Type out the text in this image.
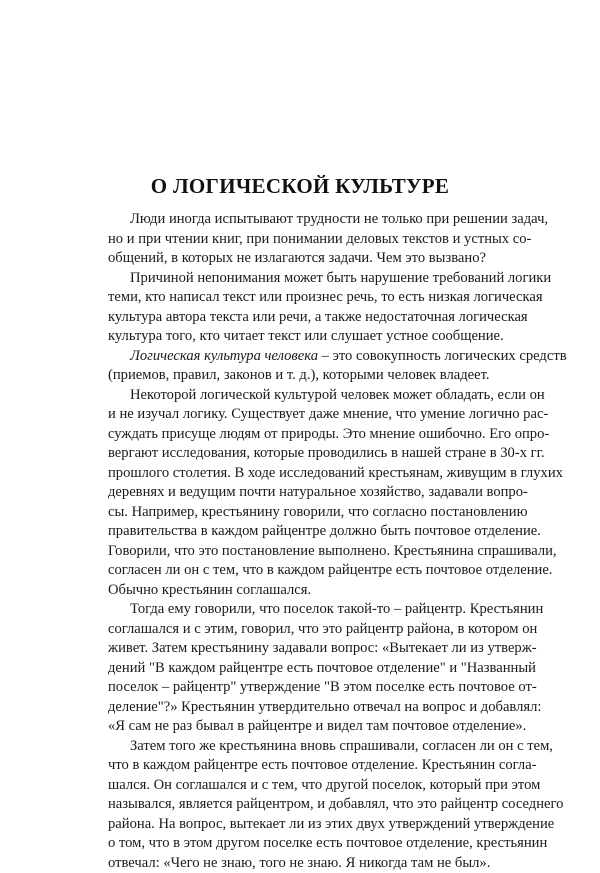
О ЛОГИЧЕСКОЙ КУЛЬТУРЕ
Люди иногда испытывают трудности не только при решении задач,
но и при чтении книг, при понимании деловых текстов и устных со-
общений, в которых не излагаются задачи. Чем это вызвано?
Причиной непонимания может быть нарушение требований логики
теми, кто написал текст или произнес речь, то есть низкая логическая
культура автора текста или речи, а также недостаточная логическая
культура того, кто читает текст или слушает устное сообщение.
Логическая культура человека – это совокупность логических средств
(приемов, правил, законов и т. д.), которыми человек владеет.
Некоторой логической культурой человек может обладать, если он
и не изучал логику. Существует даже мнение, что умение логично рас-
суждать присуще людям от природы. Это мнение ошибочно. Его опро-
вергают исследования, которые проводились в нашей стране в 30-х гг.
прошлого столетия. В ходе исследований крестьянам, живущим в глухих
деревнях и ведущим почти натуральное хозяйство, задавали вопро-
сы. Например, крестьянину говорили, что согласно постановлению
правительства в каждом райцентре должно быть почтовое отделение.
Говорили, что это постановление выполнено. Крестьянина спрашивали,
согласен ли он с тем, что в каждом райцентре есть почтовое отделение.
Обычно крестьянин соглашался.
Тогда ему говорили, что поселок такой-то – райцентр. Крестьянин
соглашался и с этим, говорил, что это райцентр района, в котором он
живет. Затем крестьянину задавали вопрос: «Вытекает ли из утверж-
дений "В каждом райцентре есть почтовое отделение" и "Названный
поселок – райцентр" утверждение "В этом поселке есть почтовое от-
деление"?» Крестьянин утвердительно отвечал на вопрос и добавлял:
«Я сам не раз бывал в райцентре и видел там почтовое отделение».
Затем того же крестьянина вновь спрашивали, согласен ли он с тем,
что в каждом райцентре есть почтовое отделение. Крестьянин согла-
шался. Он соглашался и с тем, что другой поселок, который при этом
назывался, является райцентром, и добавлял, что это райцентр соседнего
района. На вопрос, вытекает ли из этих двух утверждений утверждение
о том, что в этом другом поселке есть почтовое отделение, крестьянин
отвечал: «Чего не знаю, того не знаю. Я никогда там не был».
